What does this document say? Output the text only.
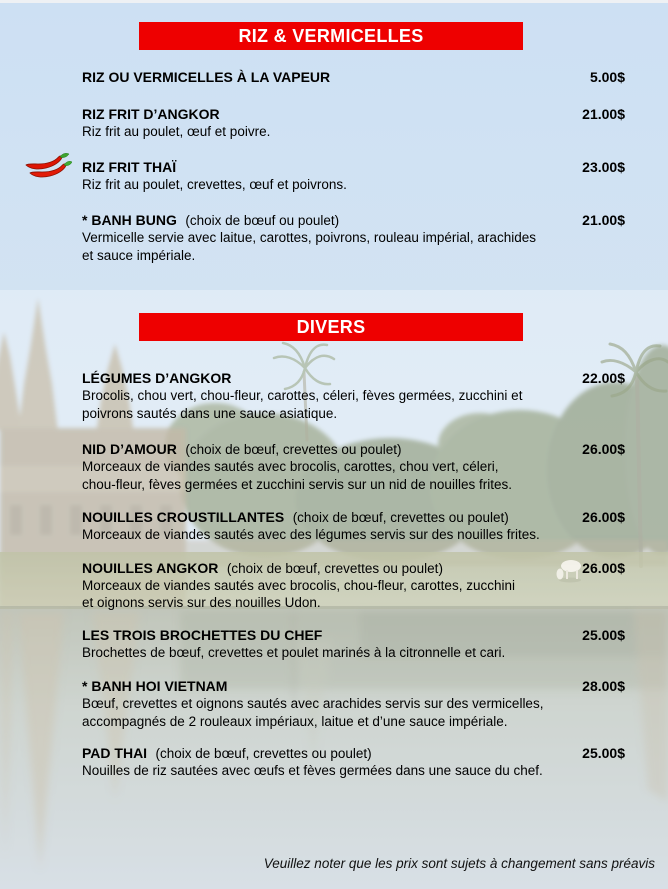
RIZ & VERMICELLES
RIZ OU VERMICELLES À LA VAPEUR	5.00$
RIZ FRIT D’ANGKOR	21.00$
Riz frit au poulet, œuf et poivre.
RIZ FRIT THAÏ	23.00$
Riz frit au poulet, crevettes, œuf et poivrons.
* BANH BUNG (choix de bœuf ou poulet)	21.00$
Vermicelle servie avec laitue, carottes, poivrons, rouleau impérial, arachides
et sauce impériale.
DIVERS
LÉGUMES D’ANGKOR	22.00$
Brocolis, chou vert, chou-fleur, carottes, céleri, fèves germées, zucchini et
poivrons sautés dans une sauce asiatique.
NID D’AMOUR (choix de bœuf, crevettes ou poulet)	26.00$
Morceaux de viandes sautés avec brocolis, carottes, chou vert, céleri,
chou-fleur, fèves germées et zucchini servis sur un nid de nouilles frites.
NOUILLES CROUSTILLANTES (choix de bœuf, crevettes ou poulet)	26.00$
Morceaux de viandes sautés avec des légumes servis sur des nouilles frites.
NOUILLES ANGKOR (choix de bœuf, crevettes ou poulet)	26.00$
Morceaux de viandes sautés avec brocolis, chou-fleur, carottes, zucchini
et oignons servis sur des nouilles Udon.
LES TROIS BROCHETTES DU CHEF	25.00$
Brochettes de bœuf, crevettes et poulet marinés à la citronnelle et cari.
* BANH HOI VIETNAM	28.00$
Bœuf, crevettes et oignons sautés avec arachides servis sur des vermicelles,
accompagnés de 2 rouleaux impériaux, laitue et d’une sauce impériale.
PAD THAI (choix de bœuf, crevettes ou poulet)	25.00$
Nouilles de riz sautées avec œufs et fèves germées dans une sauce du chef.
Veuillez noter que les prix sont sujets à changement sans préavis
